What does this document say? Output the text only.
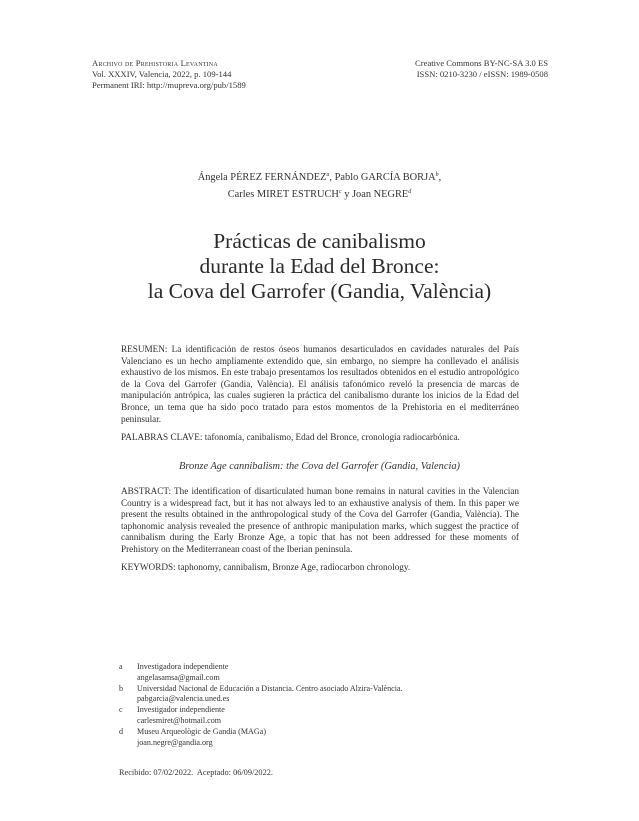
Archivo de Prehistoria Levantina
Vol. XXXIV, Valencia, 2022, p. 109-144
Permanent IRI: http://mupreva.org/pub/1589
Creative Commons BY-NC-SA 3.0 ES
ISSN: 0210-3230 / eISSN: 1989-0508
Ángela PÉREZ FERNÁNDEZ$^a$, Pablo GARCÍA BORJA$^b$,
Carles MIRET ESTRUCH$^c$ y Joan NEGRE$^d$
Prácticas de canibalismo
durante la Edad del Bronce:
la Cova del Garrofer (Gandia, València)
RESUMEN: La identificación de restos óseos humanos desarticulados en cavidades naturales del País Valenciano es un hecho ampliamente extendido que, sin embargo, no siempre ha conllevado el análisis exhaustivo de los mismos. En este trabajo presentamos los resultados obtenidos en el estudio antropológico de la Cova del Garrofer (Gandia, València). El análisis tafonómico reveló la presencia de marcas de manipulación antrópica, las cuales sugieren la práctica del canibalismo durante los inicios de la Edad del Bronce, un tema que ha sido poco tratado para estos momentos de la Prehistoria en el mediterráneo peninsular.
PALABRAS CLAVE: tafonomía, canibalismo, Edad del Bronce, cronología radiocarbónica.
Bronze Age cannibalism: the Cova del Garrofer (Gandia, Valencia)
ABSTRACT: The identification of disarticulated human bone remains in natural cavities in the Valencian Country is a widespread fact, but it has not always led to an exhaustive analysis of them. In this paper we present the results obtained in the anthropological study of the Cova del Garrofer (Gandia, València). The taphonomic analysis revealed the presence of anthropic manipulation marks, which suggest the practice of cannibalism during the Early Bronze Age, a topic that has not been addressed for these moments of Prehistory on the Mediterranean coast of the Iberian peninsula.
KEYWORDS: taphonomy, cannibalism, Bronze Age, radiocarbon chronology.
a	Investigadora independiente
angelasamsa@gmail.com
b	Universidad Nacional de Educación a Distancia. Centro asociado Alzira-València.
pabgarcia@valencia.uned.es
c	Investigador independiente
carlesmiret@hotmail.com
d	Museu Arqueològic de Gandia (MAGa)
joan.negre@gandia.org
Recibido: 07/02/2022.  Aceptado: 06/09/2022.
